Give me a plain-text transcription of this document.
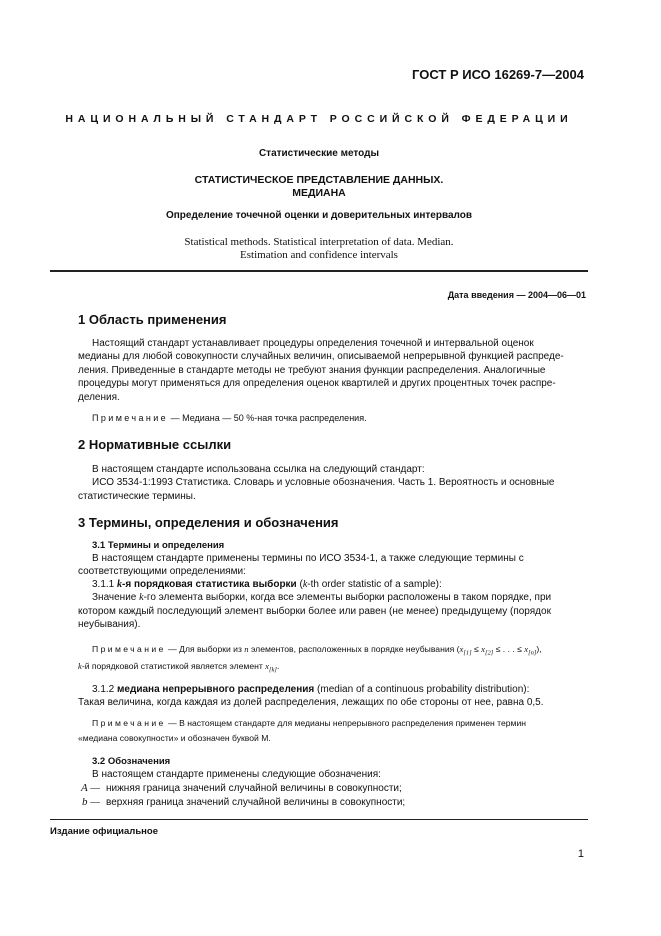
ГОСТ Р ИСО 16269-7—2004
НАЦИОНАЛЬНЫЙ СТАНДАРТ РОССИЙСКОЙ ФЕДЕРАЦИИ
Статистические методы
СТАТИСТИЧЕСКОЕ ПРЕДСТАВЛЕНИЕ ДАННЫХ.
МЕДИАНА
Определение точечной оценки и доверительных интервалов
Statistical methods. Statistical interpretation of data. Median.
Estimation and confidence intervals
Дата введения — 2004—06—01
1 Область применения
Настоящий стандарт устанавливает процедуры определения точечной и интервальной оценок
медианы для любой совокупности случайных величин, описываемой непрерывной функцией распреде-
ления. Приведенные в стандарте методы не требуют знания функции распределения. Аналогичные
процедуры могут применяться для определения оценок квартилей и других процентных точек распре-
деления.
Примечание — Медиана — 50 %-ная точка распределения.
2 Нормативные ссылки
В настоящем стандарте использована ссылка на следующий стандарт:
ИСО 3534-1:1993 Статистика. Словарь и условные обозначения. Часть 1. Вероятность и основные
статистические термины.
3 Термины, определения и обозначения
3.1 Термины и определения
В настоящем стандарте применены термины по ИСО 3534-1, а также следующие термины с
соответствующими определениями:
3.1.1 k-я порядковая статистика выборки (k-th order statistic of a sample):
Значение k-го элемента выборки, когда все элементы выборки расположены в таком порядке, при
котором каждый последующий элемент выборки более или равен (не менее) предыдущему (порядок
неубывания).
Примечание — Для выборки из n элементов, расположенных в порядке неубывания ($x_{[1]} \le x_{[2]}$ ≤ . . . ≤ $x_{[n]}$),
k-й порядковой статистикой является элемент $x_{[k]}$.
3.1.2 медиана непрерывного распределения (median of a continuous probability distribution):
Такая величина, когда каждая из долей распределения, лежащих по обе стороны от нее, равна 0,5.
Примечание — В настоящем стандарте для медианы непрерывного распределения применен термин
«медиана совокупности» и обозначен буквой М.
3.2 Обозначения
В настоящем стандарте применены следующие обозначения:
A — нижняя граница значений случайной величины в совокупности;
b — верхняя граница значений случайной величины в совокупности;
Издание официальное
1
